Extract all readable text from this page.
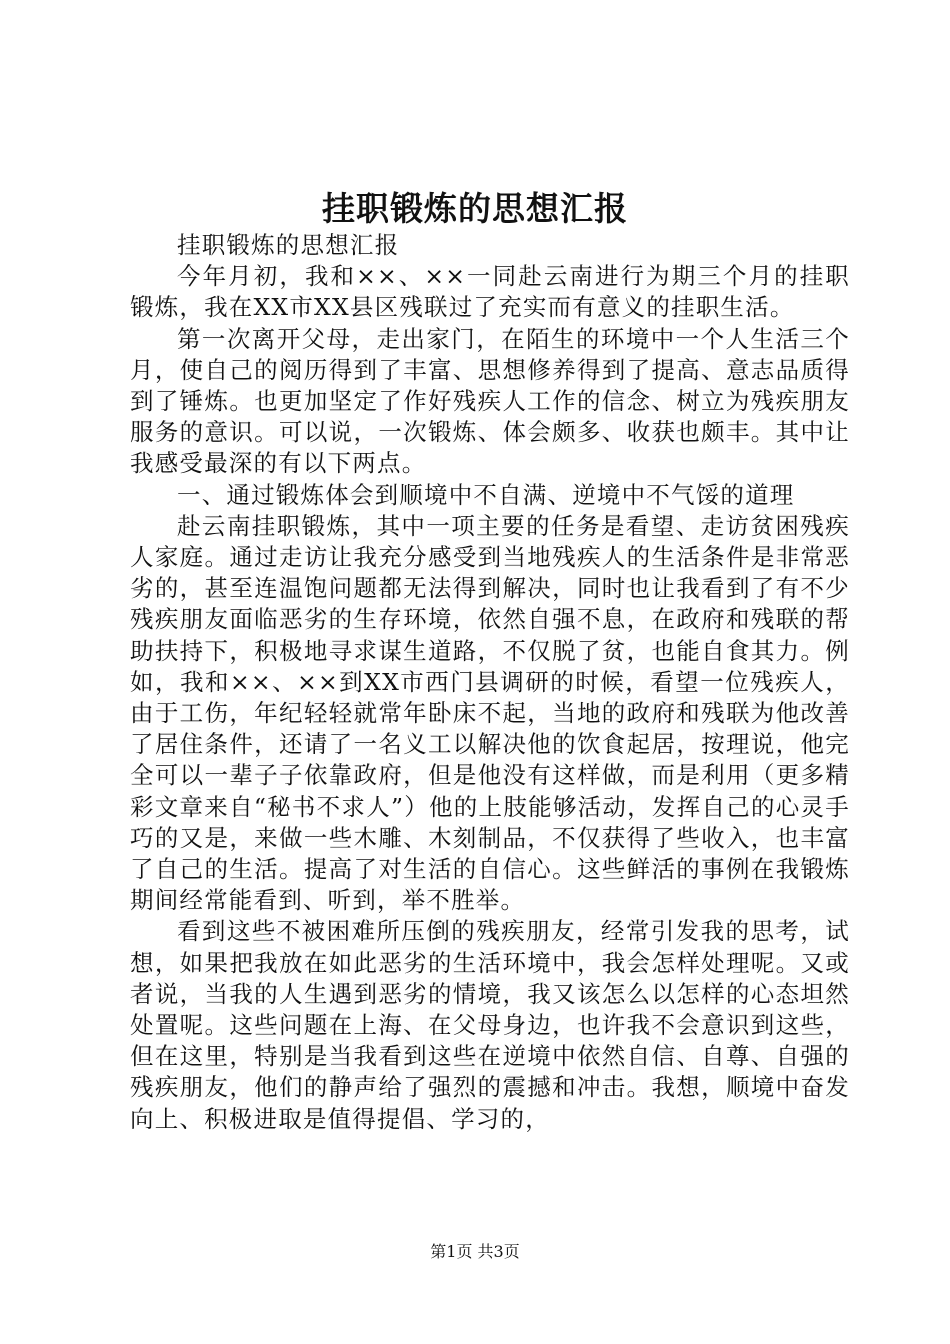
挂职锻炼的思想汇报

挂职锻炼的思想汇报

今年月初，我和××、××一同赴云南进行为期三个月的挂职锻炼，我在XX市XX县区残联过了充实而有意义的挂职生活。

第一次离开父母，走出家门，在陌生的环境中一个人生活三个月，使自己的阅历得到了丰富、思想修养得到了提高、意志品质得到了锤炼。也更加坚定了作好残疾人工作的信念、树立为残疾朋友服务的意识。可以说，一次锻炼、体会颇多、收获也颇丰。其中让我感受最深的有以下两点。

一、通过锻炼体会到顺境中不自满、逆境中不气馁的道理

赴云南挂职锻炼，其中一项主要的任务是看望、走访贫困残疾人家庭。通过走访让我充分感受到当地残疾人的生活条件是非常恶劣的，甚至连温饱问题都无法得到解决，同时也让我看到了有不少残疾朋友面临恶劣的生存环境，依然自强不息，在政府和残联的帮助扶持下，积极地寻求谋生道路，不仅脱了贫，也能自食其力。例如，我和××、××到XX市西门县调研的时候，看望一位残疾人，由于工伤，年纪轻轻就常年卧床不起，当地的政府和残联为他改善了居住条件，还请了一名义工以解决他的饮食起居，按理说，他完全可以一辈子子依靠政府，但是他没有这样做，而是利用（更多精彩文章来自“秘书不求人”）他的上肢能够活动，发挥自己的心灵手巧的又是，来做一些木雕、木刻制品，不仅获得了些收入，也丰富了自己的生活。提高了对生活的自信心。这些鲜活的事例在我锻炼期间经常能看到、听到，举不胜举。

看到这些不被困难所压倒的残疾朋友，经常引发我的思考，试想，如果把我放在如此恶劣的生活环境中，我会怎样处理呢。又或者说，当我的人生遇到恶劣的情境，我又该怎么以怎样的心态坦然处置呢。这些问题在上海、在父母身边，也许我不会意识到这些，但在这里，特别是当我看到这些在逆境中依然自信、自尊、自强的残疾朋友，他们的静声给了强烈的震撼和冲击。我想，顺境中奋发向上、积极进取是值得提倡、学习的，

第1页 共3页
